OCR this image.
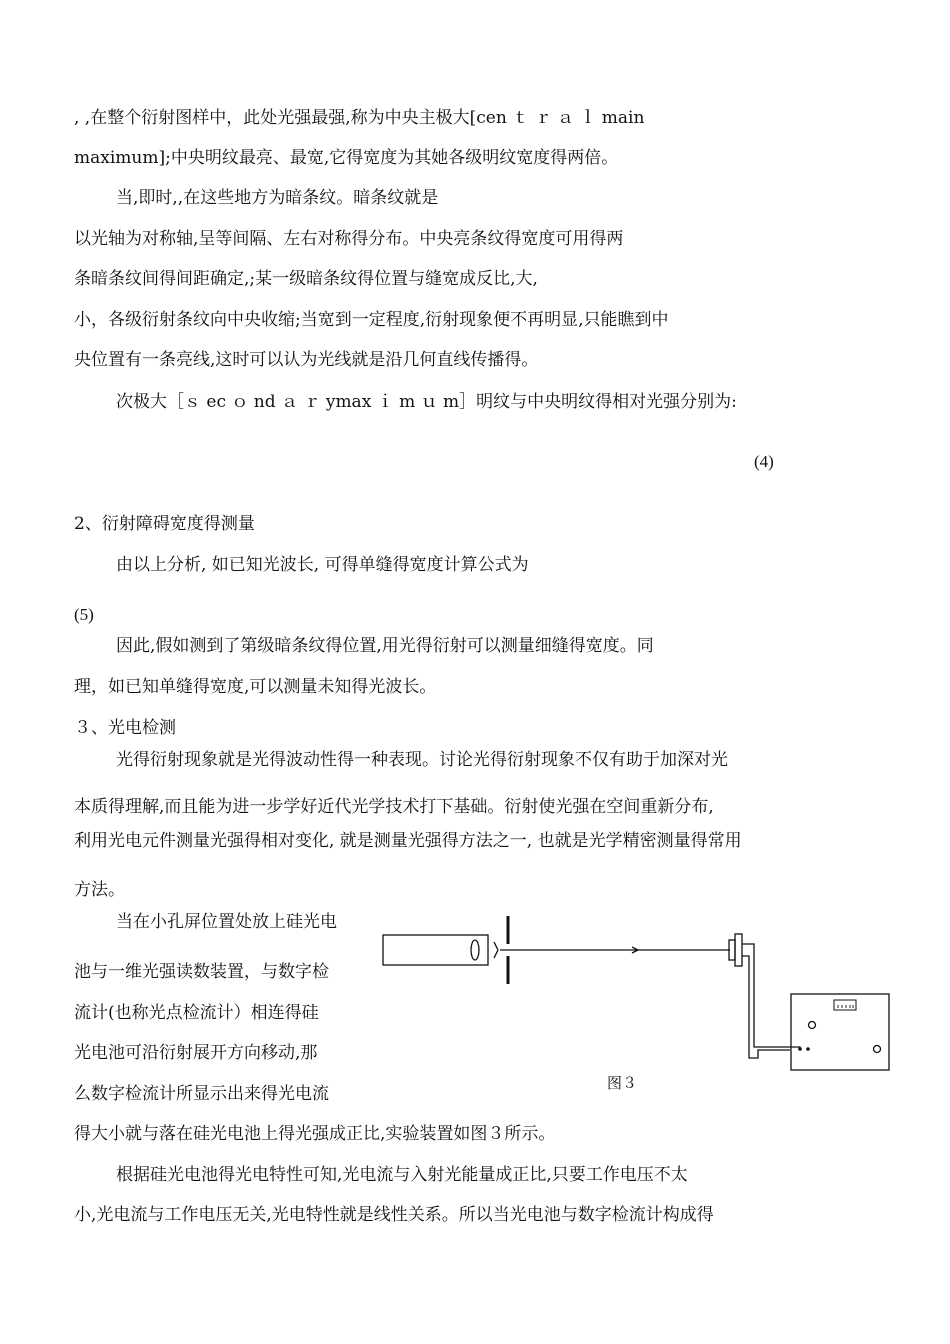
, ,在整个衍射图样中，此处光强最强,称为中央主极大[cen ｔ ｒ ａ ｌ main
maximum];中央明纹最亮、最宽,它得宽度为其她各级明纹宽度得两倍。
当,即时,,在这些地方为暗条纹。暗条纹就是
以光轴为对称轴,呈等间隔、左右对称得分布。中央亮条纹得宽度可用得两
条暗条纹间得间距确定,;某一级暗条纹得位置与缝宽成反比,大,
小，各级衍射条纹向中央收缩;当宽到一定程度,衍射现象便不再明显,只能瞧到中
央位置有一条亮线,这时可以认为光线就是沿几何直线传播得。
次极大［ｓ ec ｏ nd ａ ｒ ymax ｉ m ｕ m］明纹与中央明纹得相对光强分别为:
(4)
2、衍射障碍宽度得测量
由以上分析, 如已知光波长, 可得单缝得宽度计算公式为
(5)
因此,假如测到了第级暗条纹得位置,用光得衍射可以测量细缝得宽度。同
理，如已知单缝得宽度,可以测量未知得光波长。
３、光电检测
光得衍射现象就是光得波动性得一种表现。讨论光得衍射现象不仅有助于加深对光
本质得理解,而且能为进一步学好近代光学技术打下基础。衍射使光强在空间重新分布,
利用光电元件测量光强得相对变化, 就是测量光强得方法之一, 也就是光学精密测量得常用
方法。
当在小孔屏位置处放上硅光电
池与一维光强读数装置，与数字检
流计(也称光点检流计）相连得硅
光电池可沿衍射展开方向移动,那
么数字检流计所显示出来得光电流
得大小就与落在硅光电池上得光强成正比,实验装置如图３所示。
根据硅光电池得光电特性可知,光电流与入射光能量成正比,只要工作电压不太
小,光电流与工作电压无关,光电特性就是线性关系。所以当光电池与数字检流计构成得
图３
